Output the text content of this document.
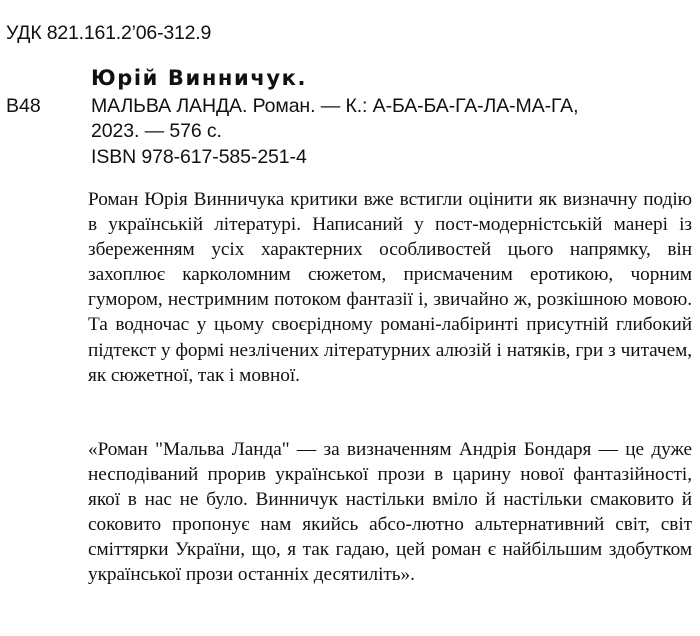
УДК 821.161.2’06-312.9
Юрій Винничук.
В48	МАЛЬВА ЛАНДА. Роман. — К.: А-БА-БА-ГА-ЛА-МА-ГА,
2023. — 576 с.
ISBN 978-617-585-251-4

Роман Юрія Винничука критики вже встигли оцінити як визначну подію в українській літературі. Написаний у пост-модерністській манері із збереженням усіх характерних особливостей цього напрямку, він захоплює карколомним сюжетом, присмаченим еротикою, чорним гумором, нестримним потоком фантазії і, звичайно ж, розкішною мовою. Та водночас у цьому своєрідному романі-лабіринті присутній глибокий підтекст у формі незлічених літературних алюзій і натяків, гри з читачем, як сюжетної, так і мовної.

«Роман "Мальва Ланда" — за визначенням Андрія Бондаря — це дуже несподіваний прорив української прози в царину нової фантазійності, якої в нас не було. Винничук настільки вміло й настільки смаковито й соковито пропонує нам якийсь абсо-лютно альтернативний світ, світ сміттярки України, що, я так гадаю, цей роман є найбільшим здобутком української прози останніх десятиліть».
